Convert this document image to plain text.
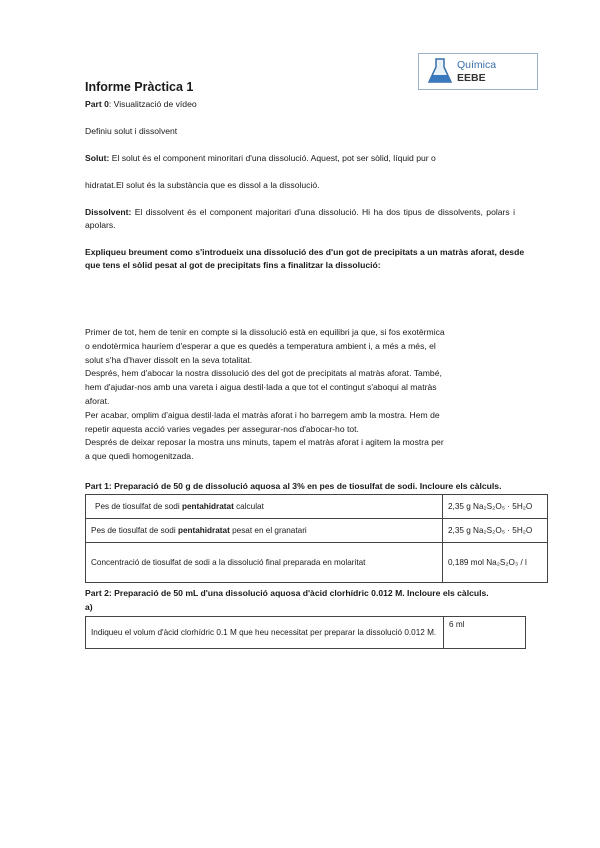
Química
EEBE
Informe Pràctica 1
Part 0: Visualització de vídeo
Definiu solut i dissolvent
Solut: El solut és el component minoritari d'una dissolució. Aquest, pot ser sòlid, líquid pur o
hidratat.El solut és la substància que es dissol a la dissolució.
Dissolvent: El dissolvent és el component majoritari d'una dissolució. Hi ha dos tipus de dissolvents, polars i apolars.
Expliqueu breument como s'introdueix una dissolució des d'un got de precipitats a un matràs aforat, desde que tens el sòlid pesat al got de precipitats fins a finalitzar la dissolució:
Primer de tot, hem de tenir en compte si la dissolució està en equilibri ja que, si fos exotèrmica
o endotèrmica hauríem d'esperar a que es quedés a temperatura ambient i, a més a més, el
solut s'ha d'haver dissolt en la seva totalitat.
Després, hem d'abocar la nostra dissolució des del got de precipitats al matràs aforat. També,
hem d'ajudar-nos amb una vareta i aigua destil·lada a que tot el contingut s'aboqui al matràs
aforat.
Per acabar, omplim d'aigua destil·lada el matràs aforat i ho barregem amb la mostra. Hem de
repetir aquesta acció varies vegades per assegurar-nos d'abocar-ho tot.
Després de deixar reposar la mostra uns minuts, tapem el matràs aforat i agitem la mostra per
a que quedi homogenitzada.
Part 1: Preparació de 50 g de dissolució aquosa al 3% en pes de tiosulfat de sodi. Incloure els càlculs.
Pes de tiosulfat de sodi pentahidratat calculat	2,35 g Na₂S₂O₅ · 5H₂O
Pes de tiosulfat de sodi pentahidratat pesat en el granatari	2,35 g Na₂S₂O₅ · 5H₂O
Concentració de tiosulfat de sodi a la dissolució final preparada en molaritat	0,189 mol Na₂S₂O₃ / l
Part 2: Preparació de 50 mL d'una dissolució aquosa d'àcid clorhídric 0.012 M. Incloure els càlculs.
a)
Indiqueu el volum d'àcid clorhídric 0.1 M que heu necessitat per preparar la dissolució 0.012 M.	6 ml
